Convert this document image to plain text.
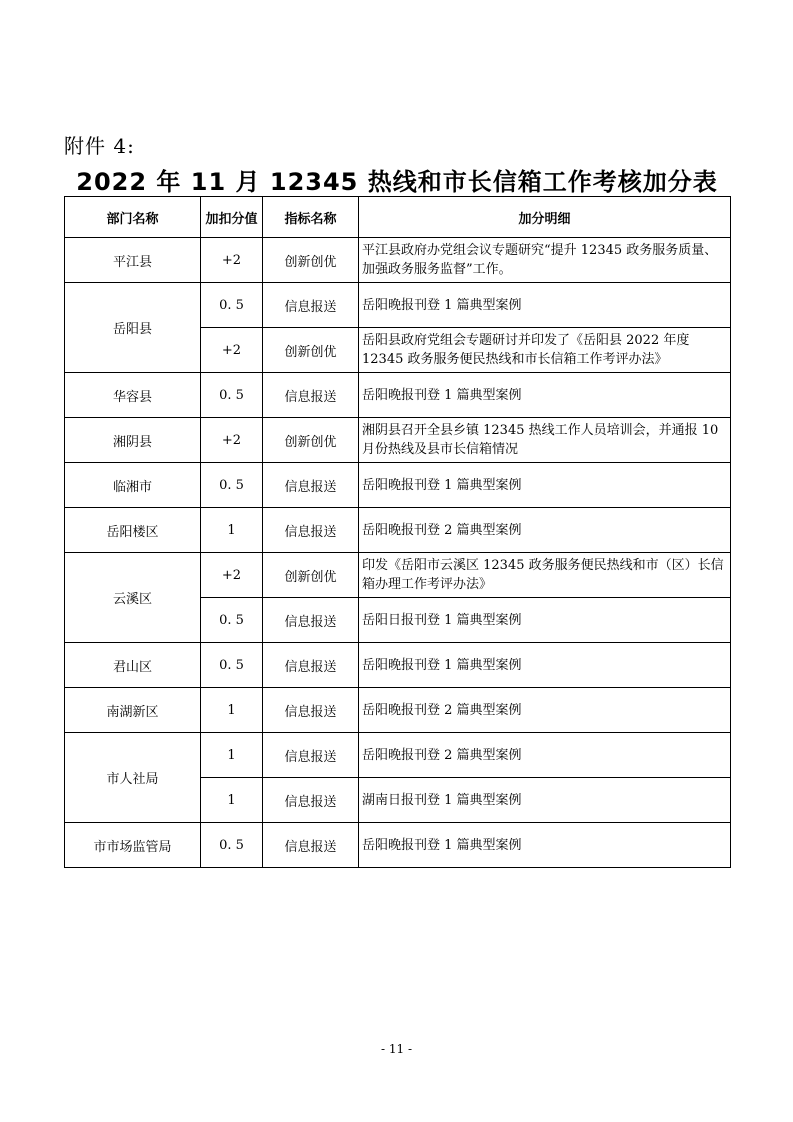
附件 4:
2022 年 11 月 12345 热线和市长信箱工作考核加分表
部门名称	加扣分值	指标名称	加分明细
平江县	+2	创新创优	平江县政府办党组会议专题研究“提升 12345 政务服务质量、加强政务服务监督”工作。
岳阳县	0. 5	信息报送	岳阳晚报刊登 1 篇典型案例
	+2	创新创优	岳阳县政府党组会专题研讨并印发了《岳阳县 2022 年度 12345 政务服务便民热线和市长信箱工作考评办法》
华容县	0. 5	信息报送	岳阳晚报刊登 1 篇典型案例
湘阴县	+2	创新创优	湘阴县召开全县乡镇 12345 热线工作人员培训会，并通报 10 月份热线及县市长信箱情况
临湘市	0. 5	信息报送	岳阳晚报刊登 1 篇典型案例
岳阳楼区	1	信息报送	岳阳晚报刊登 2 篇典型案例
云溪区	+2	创新创优	印发《岳阳市云溪区 12345 政务服务便民热线和市（区）长信箱办理工作考评办法》
	0. 5	信息报送	岳阳日报刊登 1 篇典型案例
君山区	0. 5	信息报送	岳阳晚报刊登 1 篇典型案例
南湖新区	1	信息报送	岳阳晚报刊登 2 篇典型案例
市人社局	1	信息报送	岳阳晚报刊登 2 篇典型案例
	1	信息报送	湖南日报刊登 1 篇典型案例
市市场监管局	0. 5	信息报送	岳阳晚报刊登 1 篇典型案例
- 11 -
